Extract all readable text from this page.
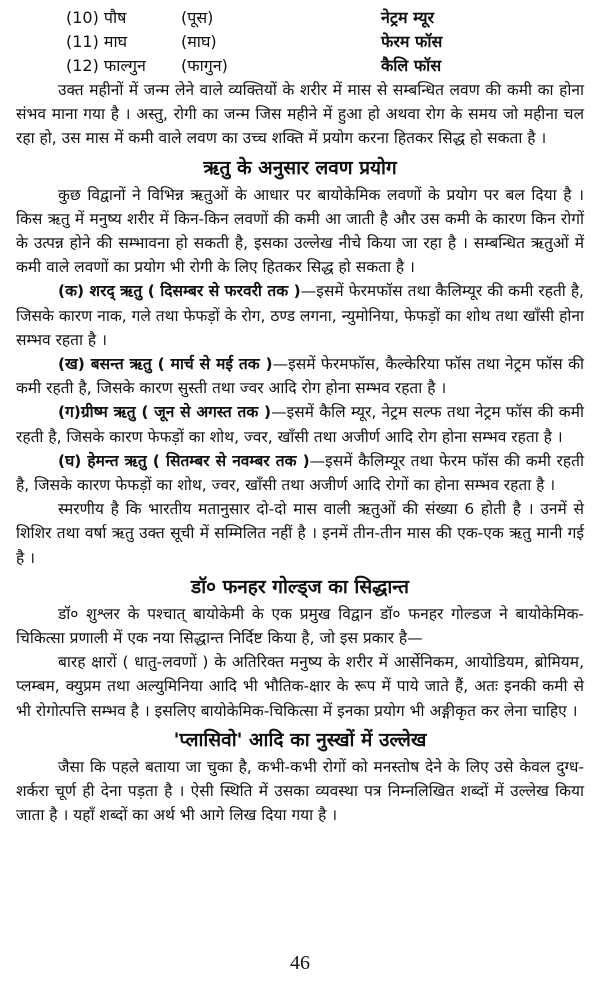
(10) पौष	(पूस)	नेट्रम म्यूर
(11) माघ	(माघ)	फेरम फॉस
(12) फाल्गुन	(फागुन)	कैलि फॉस

उक्त महीनों में जन्म लेने वाले व्यक्तियों के शरीर में मास से सम्बन्धित लवण की कमी का होना संभव माना गया है । अस्तु, रोगी का जन्म जिस महीने में हुआ हो अथवा रोग के समय जो महीना चल रहा हो, उस मास में कमी वाले लवण का उच्च शक्ति में प्रयोग करना हितकर सिद्ध हो सकता है ।

ऋतु के अनुसार लवण प्रयोग

कुछ विद्वानों ने विभिन्न ऋतुओं के आधार पर बायोकेमिक लवणों के प्रयोग पर बल दिया है । किस ऋतु में मनुष्य शरीर में किन-किन लवणों की कमी आ जाती है और उस कमी के कारण किन रोगों के उत्पन्न होने की सम्भावना हो सकती है, इसका उल्लेख नीचे किया जा रहा है । सम्बन्धित ऋतुओं में कमी वाले लवणों का प्रयोग भी रोगी के लिए हितकर सिद्ध हो सकता है ।

(क) शरद् ऋतु ( दिसम्बर से फरवरी तक )—इसमें फेरमफॉस तथा कैलिम्यूर की कमी रहती है, जिसके कारण नाक, गले तथा फेफड़ों के रोग, ठण्ड लगना, न्युमोनिया, फेफड़ों का शोथ तथा खाँसी होना सम्भव रहता है ।

(ख) बसन्त ऋतु ( मार्च से मई तक )—इसमें फेरमफॉस, कैल्केरिया फॉस तथा नेट्रम फॉस की कमी रहती है, जिसके कारण सुस्ती तथा ज्वर आदि रोग होना सम्भव रहता है ।

(ग)ग्रीष्म ऋतु ( जून से अगस्त तक )—इसमें कैलि म्यूर, नेट्रम सल्फ तथा नेट्रम फॉस की कमी रहती है, जिसके कारण फेफड़ों का शोथ, ज्वर, खाँसी तथा अजीर्ण आदि रोग होना सम्भव रहता है ।

(घ) हेमन्त ऋतु ( सितम्बर से नवम्बर तक )—इसमें कैलिम्यूर तथा फेरम फॉस की कमी रहती है, जिसके कारण फेफड़ों का शोथ, ज्वर, खाँसी तथा अजीर्ण आदि रोगों का होना सम्भव रहता है ।

स्मरणीय है कि भारतीय मतानुसार दो-दो मास वाली ऋतुओं की संख्या 6 होती है । उनमें से शिशिर तथा वर्षा ऋतु उक्त सूची में सम्मिलित नहीं है । इनमें तीन-तीन मास की एक-एक ऋतु मानी गई है ।

डॉ० फनहर गोल्ड्ज का सिद्धान्त

डॉ० शुश्लर के पश्चात् बायोकेमी के एक प्रमुख विद्वान डॉ० फनहर गोल्डज ने बायोकेमिक-चिकित्सा प्रणाली में एक नया सिद्धान्त निर्दिष्ट किया है, जो इस प्रकार है—

बारह क्षारों ( धातु-लवणों ) के अतिरिक्त मनुष्य के शरीर में आर्सेनिकम, आयोडियम, ब्रोमियम, प्लम्बम, क्युप्रम तथा अल्युमिनिया आदि भी भौतिक-क्षार के रूप में पाये जाते हैं, अतः इनकी कमी से भी रोगोत्पत्ति सम्भव है । इसलिए बायोकेमिक-चिकित्सा में इनका प्रयोग भी अङ्गीकृत कर लेना चाहिए ।

'प्लासिवो' आदि का नुस्खों में उल्लेख

जैसा कि पहले बताया जा चुका है, कभी-कभी रोगों को मनस्तोष देने के लिए उसे केवल दुग्ध-शर्करा चूर्ण ही देना पड़ता है । ऐसी स्थिति में उसका व्यवस्था पत्र निम्नलिखित शब्दों में उल्लेख किया जाता है । यहाँ शब्दों का अर्थ भी आगे लिख दिया गया है ।

46
